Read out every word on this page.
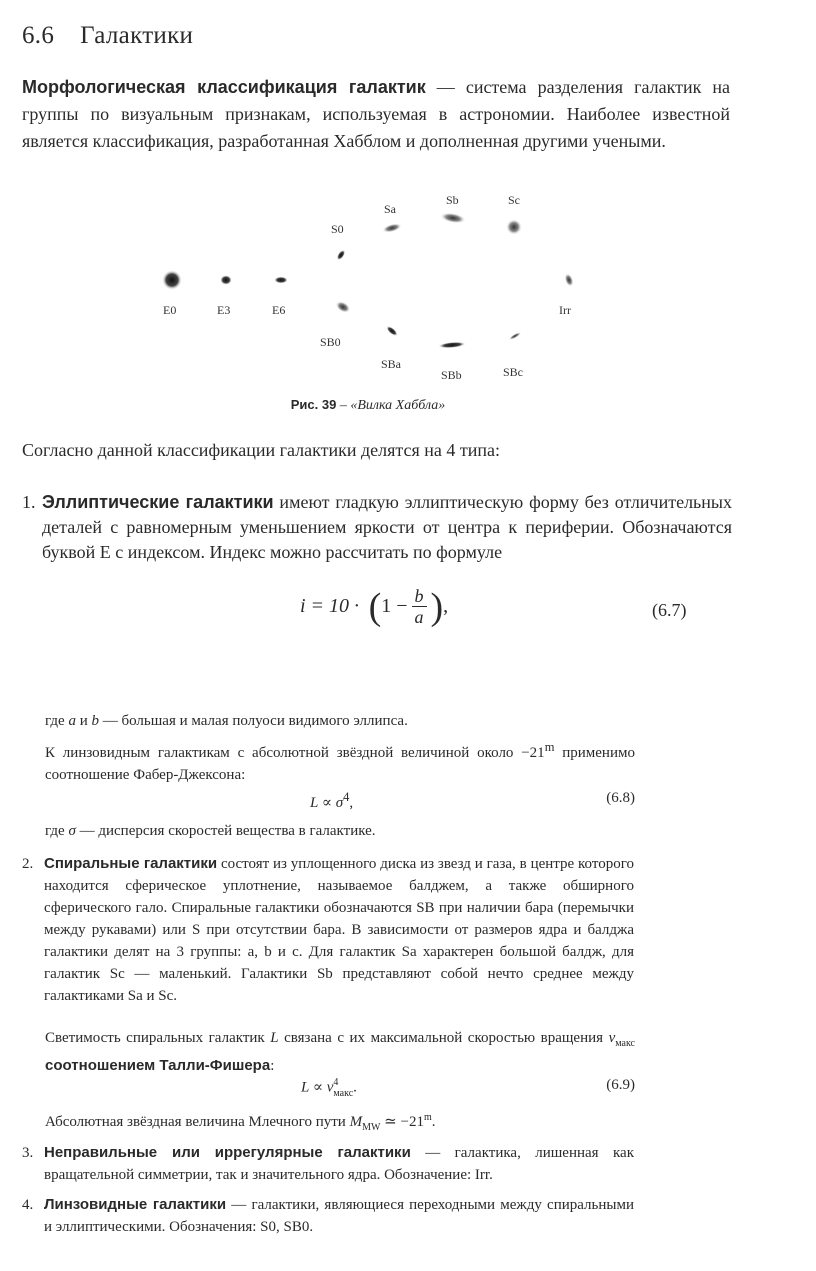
6.6 Галактики
Морфологическая классификация галактик — система разделения галактик на группы по визуальным признакам, используемая в астрономии. Наиболее известной является классификация, разработанная Хабблом и дополненная другими учеными.
E0	E3	E6
S0
Sa
Sb	Sc
Irr
SB0
SBa
SBb	SBc
Рис. 39 – «Вилка Хаббла»
Согласно данной классификации галактики делятся на 4 типа:
1. Эллиптические галактики имеют гладкую эллиптическую форму без отличительных деталей с равномерным уменьшением яркости от центра к периферии. Обозначаются буквой E с индексом. Индекс можно рассчитать по формуле
i = 10 · ( $1 - \frac{b}{a}$ ) ,	(6.7)
где a и b — большая и малая полуоси видимого эллипса.
К линзовидным галактикам с абсолютной звёздной величиной около $-21^m$ применимо соотношение Фабер-Джексона:
$L \propto \sigma^4$,	(6.8)
где σ — дисперсия скоростей вещества в галактике.
2. Спиральные галактики состоят из уплощенного диска из звезд и газа, в центре которого находится сферическое уплотнение, называемое балджем, а также обширного сферического гало. Спиральные галактики обозначаются SB при наличии бара (перемычки между рукавами) или S при отсутствии бара. В зависимости от размеров ядра и балджа галактики делят на 3 группы: a, b и c. Для галактик Sa характерен большой балдж, для галактик Sc — маленький. Галактики Sb представляют собой нечто среднее между галактиками Sa и Sc.
Светимость спиральных галактик L связана с их максимальной скоростью вращения $v_{макс}$ соотношением Талли-Фишера:
L ∝ v 4
макс .	(6.9)
Абсолютная звёздная величина Млечного пути $M_{MW}$ ≃ $-21^m$.
3. Неправильные или иррегулярные галактики — галактика, лишенная как вращательной симметрии, так и значительного ядра. Обозначение: Irr.
4. Линзовидные галактики — галактики, являющиеся переходными между спиральными и эллиптическими. Обозначения: S0, SB0.
